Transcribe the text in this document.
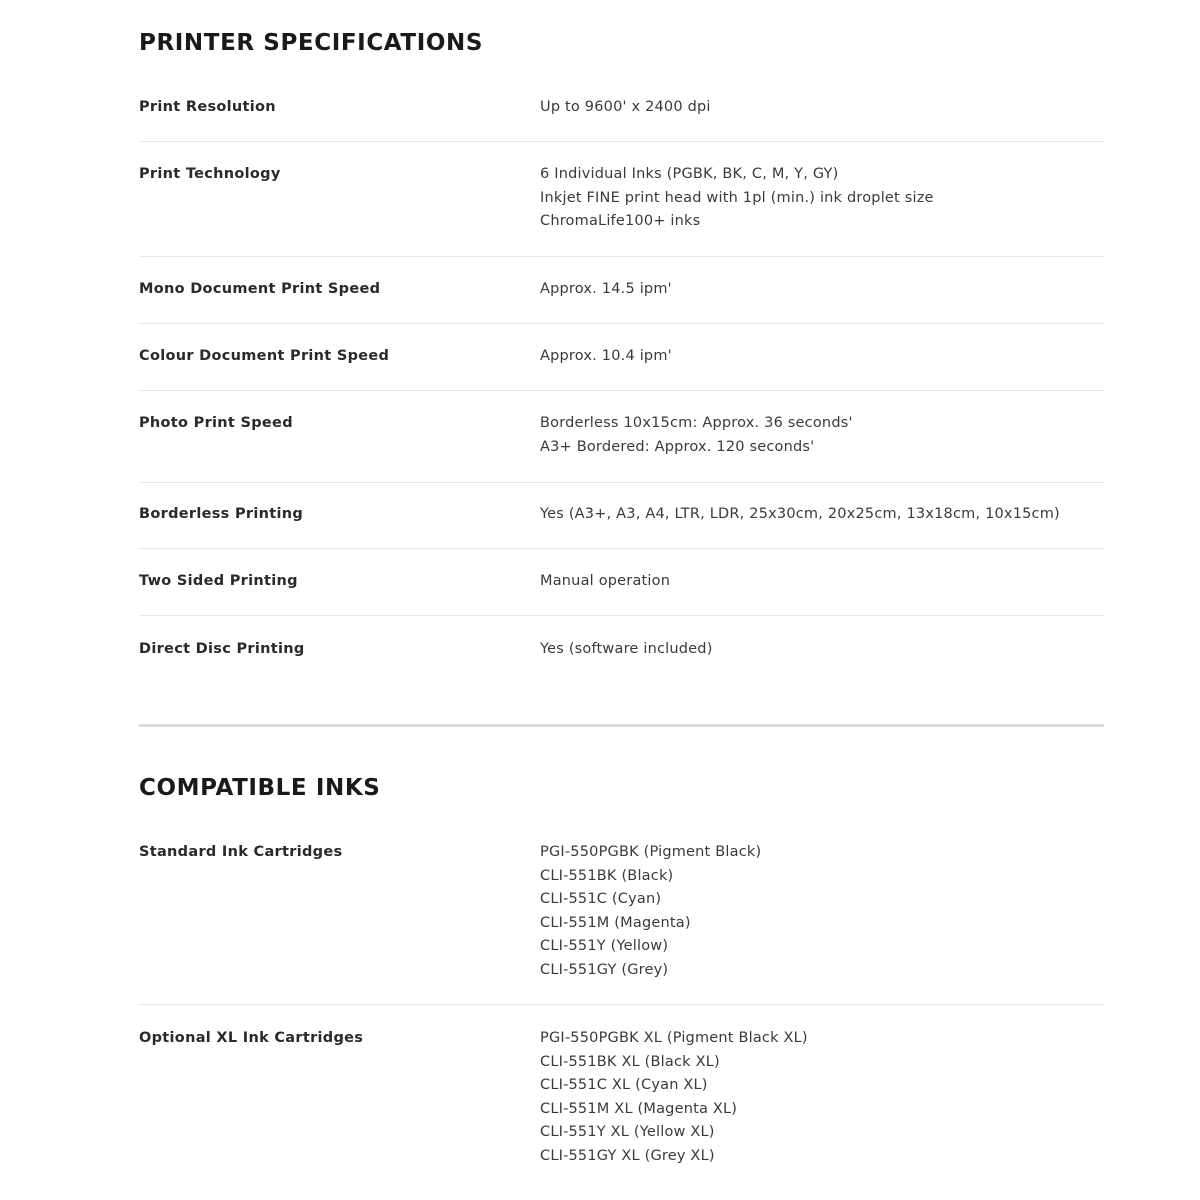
PRINTER SPECIFICATIONS
Print Resolution	Up to 9600' x 2400 dpi
Print Technology	6 Individual Inks (PGBK, BK, C, M, Y, GY)
Inkjet FINE print head with 1pl (min.) ink droplet size
ChromaLife100+ inks
Mono Document Print Speed	Approx. 14.5 ipm'
Colour Document Print Speed	Approx. 10.4 ipm'
Photo Print Speed	Borderless 10x15cm: Approx. 36 seconds'
A3+ Bordered: Approx. 120 seconds'
Borderless Printing	Yes (A3+, A3, A4, LTR, LDR, 25x30cm, 20x25cm, 13x18cm, 10x15cm)
Two Sided Printing	Manual operation
Direct Disc Printing	Yes (software included)
COMPATIBLE INKS
Standard Ink Cartridges	PGI-550PGBK (Pigment Black)
CLI-551BK (Black)
CLI-551C (Cyan)
CLI-551M (Magenta)
CLI-551Y (Yellow)
CLI-551GY (Grey)
Optional XL Ink Cartridges	PGI-550PGBK XL (Pigment Black XL)
CLI-551BK XL (Black XL)
CLI-551C XL (Cyan XL)
CLI-551M XL (Magenta XL)
CLI-551Y XL (Yellow XL)
CLI-551GY XL (Grey XL)
